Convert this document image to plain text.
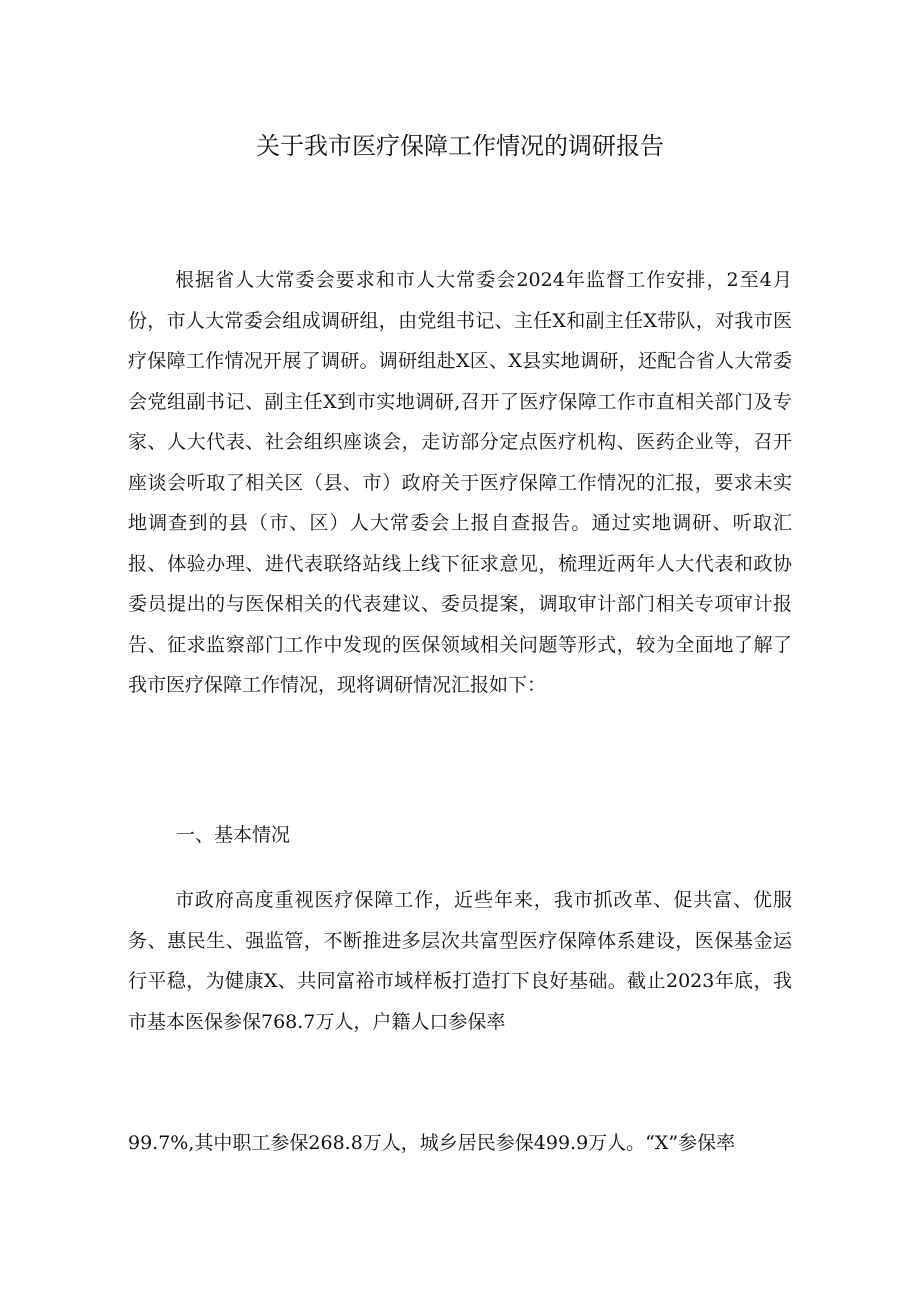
关于我市医疗保障工作情况的调研报告

根据省人大常委会要求和市人大常委会2024年监督工作安排，2至4月份，市人大常委会组成调研组，由党组书记、主任X和副主任X带队，对我市医疗保障工作情况开展了调研。调研组赴X区、X县实地调研，还配合省人大常委会党组副书记、副主任X到市实地调研,召开了医疗保障工作市直相关部门及专家、人大代表、社会组织座谈会，走访部分定点医疗机构、医药企业等，召开座谈会听取了相关区（县、市）政府关于医疗保障工作情况的汇报，要求未实地调查到的县（市、区）人大常委会上报自查报告。通过实地调研、听取汇报、体验办理、进代表联络站线上线下征求意见，梳理近两年人大代表和政协委员提出的与医保相关的代表建议、委员提案，调取审计部门相关专项审计报告、征求监察部门工作中发现的医保领域相关问题等形式，较为全面地了解了我市医疗保障工作情况，现将调研情况汇报如下：

一、基本情况

市政府高度重视医疗保障工作，近些年来，我市抓改革、促共富、优服务、惠民生、强监管，不断推进多层次共富型医疗保障体系建设，医保基金运行平稳，为健康X、共同富裕市域样板打造打下良好基础。截止2023年底，我市基本医保参保768.7万人，户籍人口参保率

99.7%,其中职工参保268.8万人，城乡居民参保499.9万人。“X”参保率
